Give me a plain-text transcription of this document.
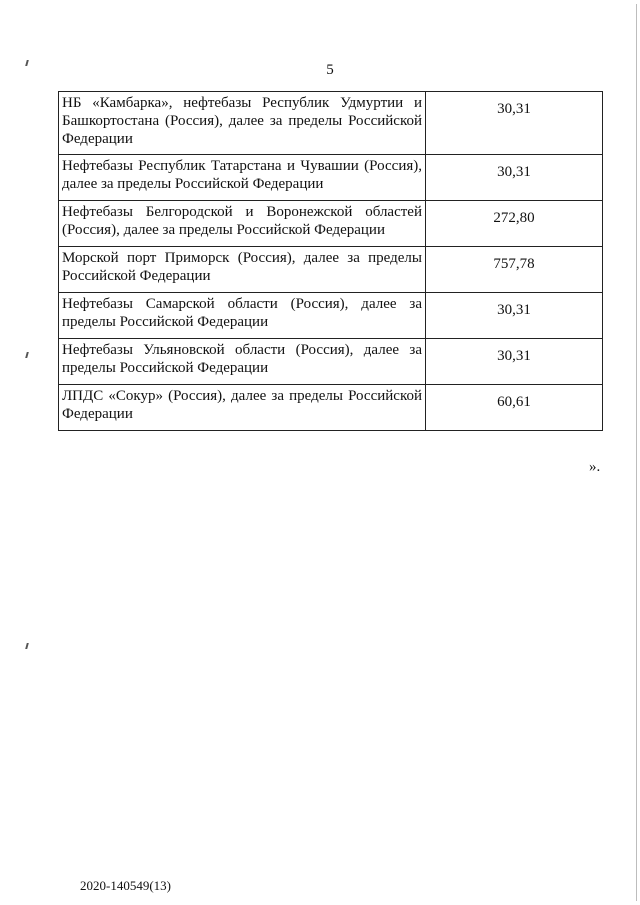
5
НБ «Камбарка», нефтебазы Республик Удмуртии и Башкортостана (Россия), далее за пределы Российской Федерации	30,31
Нефтебазы Республик Татарстана и Чувашии (Россия), далее за пределы Российской Федерации	30,31
Нефтебазы Белгородской и Воронежской областей (Россия), далее за пределы Российской Федерации	272,80
Морской порт Приморск (Россия), далее за пределы Российской Федерации	757,78
Нефтебазы Самарской области (Россия), далее за пределы Российской Федерации	30,31
Нефтебазы Ульяновской области (Россия), далее за пределы Российской Федерации	30,31
ЛПДС «Сокур» (Россия), далее за пределы Российской Федерации	60,61
».
2020-140549(13)
